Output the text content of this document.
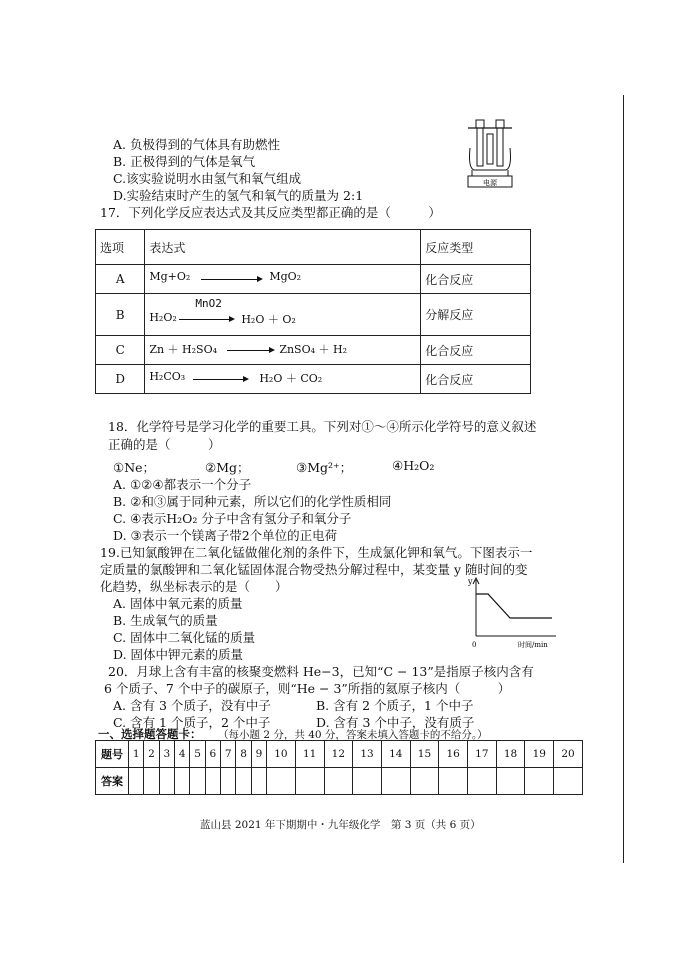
A. 负极得到的气体具有助燃性
B. 正极得到的气体是氧气
C.该实验说明水由氢气和氧气组成
D.实验结束时产生的氢气和氧气的质量为 2:1
电源
17．下列化学反应表达式及其反应类型都正确的是（　　　）
选项	表达式	反应类型
A	Mg+O₂ MgO₂	化合反应
B	H₂O₂
MnO2
H₂O ＋ O₂	分解反应
C	Zn ＋ H₂SO₄ ZnSO₄ ＋ H₂	化合反应
D	H₂CO₃ H₂O ＋ CO₂	化合反应
18．化学符号是学习化学的重要工具。下列对①～④所示化学符号的意义叙述
正确的是（　　　）
①Ne；	②Mg；	③Mg²⁺；	④H₂O₂
A. ①②④都表示一个分子
B. ②和③属于同种元素，所以它们的化学性质相同
C. ④表示H₂O₂ 分子中含有氢分子和氧分子
D. ③表示一个镁离子带2个单位的正电荷
19.已知氯酸钾在二氧化锰做催化剂的条件下，生成氯化钾和氧气。下图表示一
定质量的氯酸钾和二氧化锰固体混合物受热分解过程中，某变量 y 随时间的变
化趋势，纵坐标表示的是（　　）
A. 固体中氧元素的质量
B. 生成氧气的质量
C. 固体中二氧化锰的质量
D. 固体中钾元素的质量
y
0	时间/min
20．月球上含有丰富的核聚变燃料 He−3，已知“C − 13”是指原子核内含有
6 个质子、7 个中子的碳原子，则“He − 3”所指的氦原子核内（　　　）
A. 含有 3 个质子，没有中子	B. 含有 2 个质子，1 个中子
C. 含有 1 个质子，2 个中子	D. 含有 3 个中子，没有质子
一、选择题答题卡： （每小题 2 分，共 40 分，答案未填入答题卡的不给分。）
题号	1	2	3	4	5	6	7	8	9	10	11	12	13	14	15	16	17	18	19	20
答案																				
蓝山县 2021 年下期期中・九年级化学　第 3 页（共 6 页）
